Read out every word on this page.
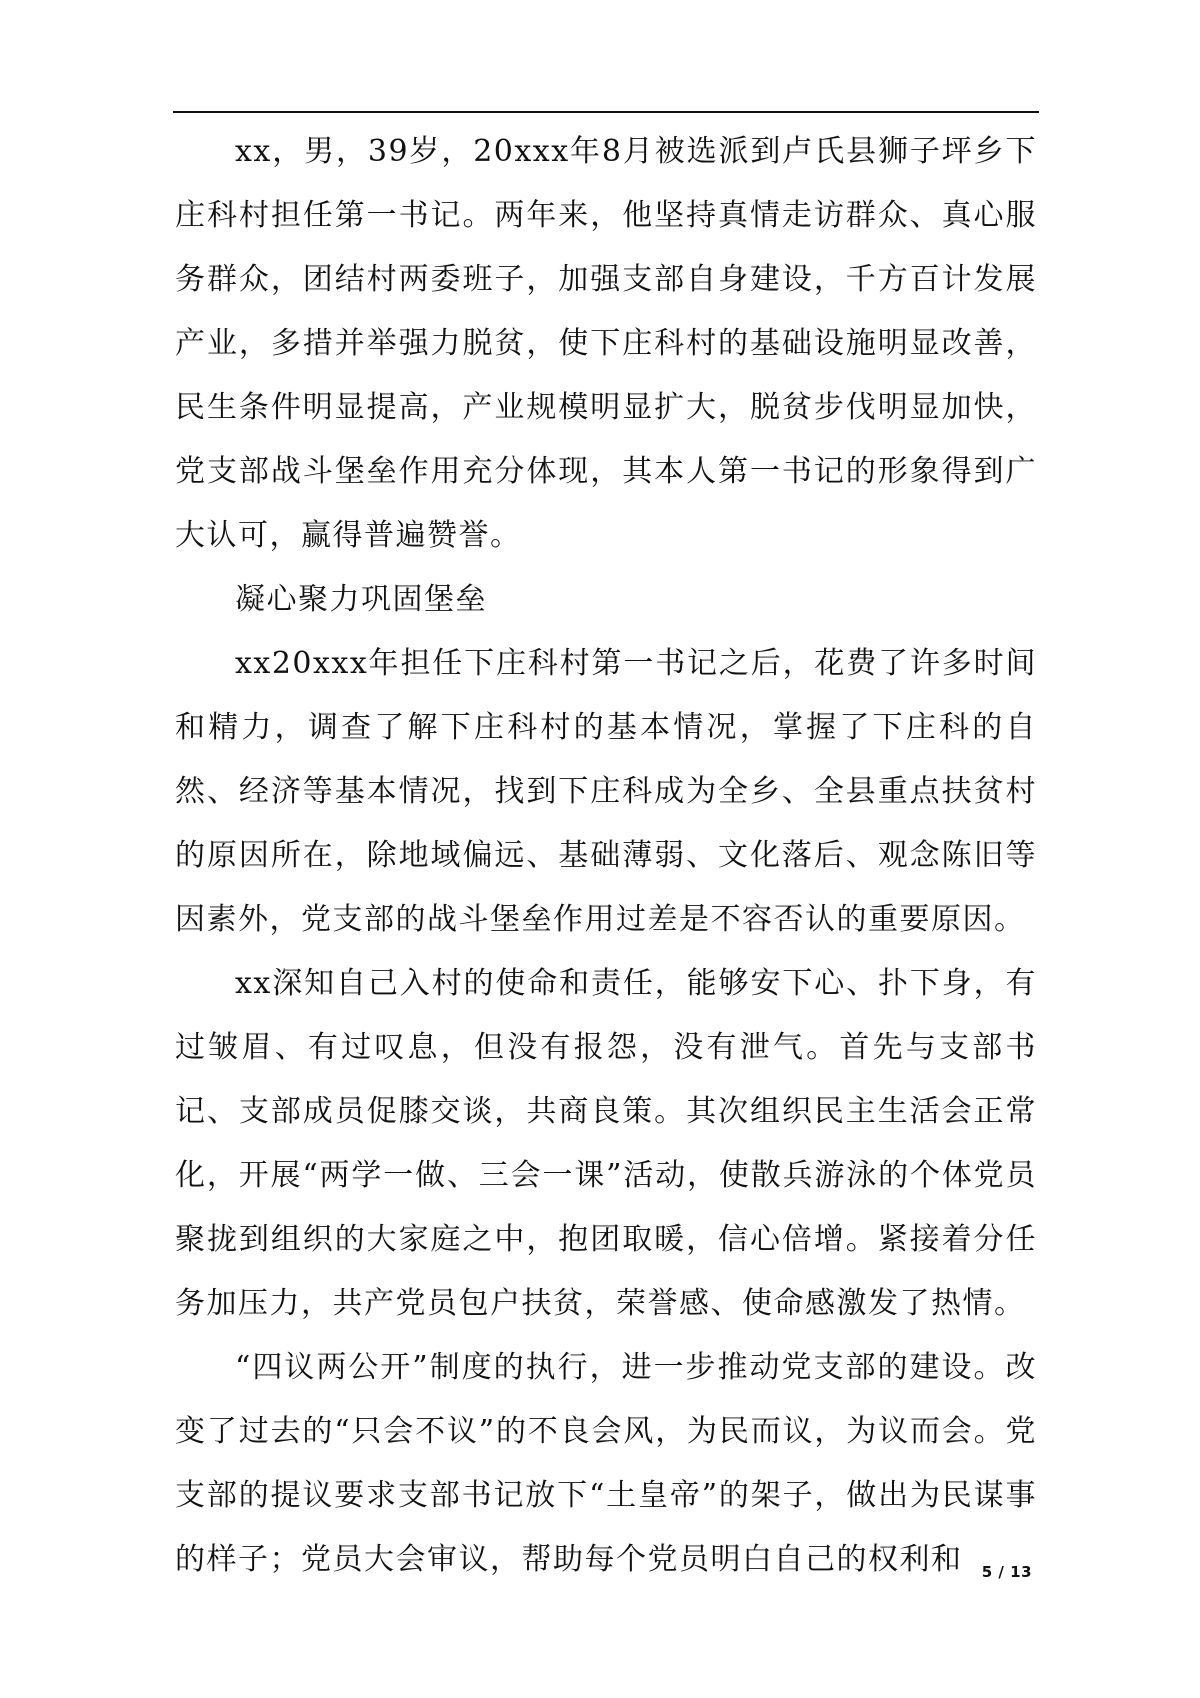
xx，男，39岁，20xxx年8月被选派到卢氏县狮子坪乡下庄科村担任第一书记。两年来，他坚持真情走访群众、真心服务群众，团结村两委班子，加强支部自身建设，千方百计发展产业，多措并举强力脱贫，使下庄科村的基础设施明显改善，民生条件明显提高，产业规模明显扩大，脱贫步伐明显加快，党支部战斗堡垒作用充分体现，其本人第一书记的形象得到广大认可，赢得普遍赞誉。

凝心聚力巩固堡垒

xx20xxx年担任下庄科村第一书记之后，花费了许多时间和精力，调查了解下庄科村的基本情况，掌握了下庄科的自然、经济等基本情况，找到下庄科成为全乡、全县重点扶贫村的原因所在，除地域偏远、基础薄弱、文化落后、观念陈旧等因素外，党支部的战斗堡垒作用过差是不容否认的重要原因。

xx深知自己入村的使命和责任，能够安下心、扑下身，有过皱眉、有过叹息，但没有报怨，没有泄气。首先与支部书记、支部成员促膝交谈，共商良策。其次组织民主生活会正常化，开展“两学一做、三会一课”活动，使散兵游泳的个体党员聚拢到组织的大家庭之中，抱团取暖，信心倍增。紧接着分任务加压力，共产党员包户扶贫，荣誉感、使命感激发了热情。

“四议两公开”制度的执行，进一步推动党支部的建设。改变了过去的“只会不议”的不良会风，为民而议，为议而会。党支部的提议要求支部书记放下“土皇帝”的架子，做出为民谋事的样子；党员大会审议，帮助每个党员明白自己的权利和	5 / 13
